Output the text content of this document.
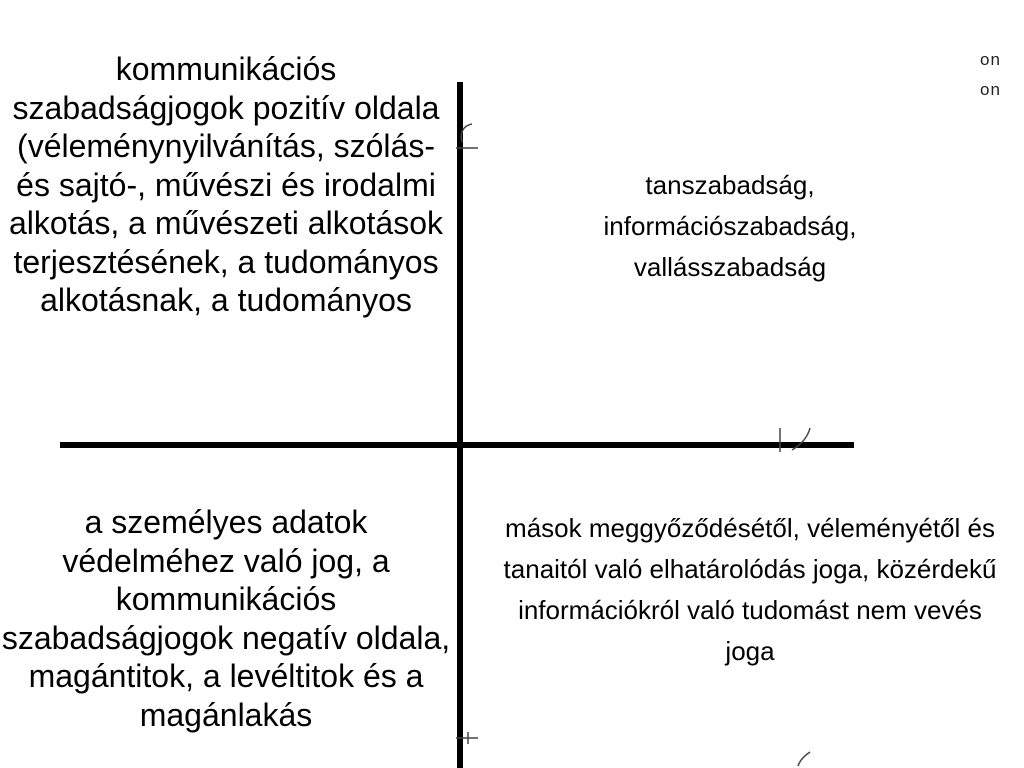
kommunikációs szabadságjogok pozitív oldala (véleménynyilvánítás, szólás- és sajtó-, művészi és irodalmi alkotás, a művészeti alkotások terjesztésének, a tudományos alkotásnak, a tudományos
tanszabadság, információszabadság, vallásszabadság
a személyes adatok védelméhez való jog, a kommunikációs szabadságjogok negatív oldala, magántitok, a levéltitok és a magánlakás
mások meggyőződésétől, véleményétől és tanaitól való elhatárolódás joga, közérdekű információkról való tudomást nem vevés joga
on
on
